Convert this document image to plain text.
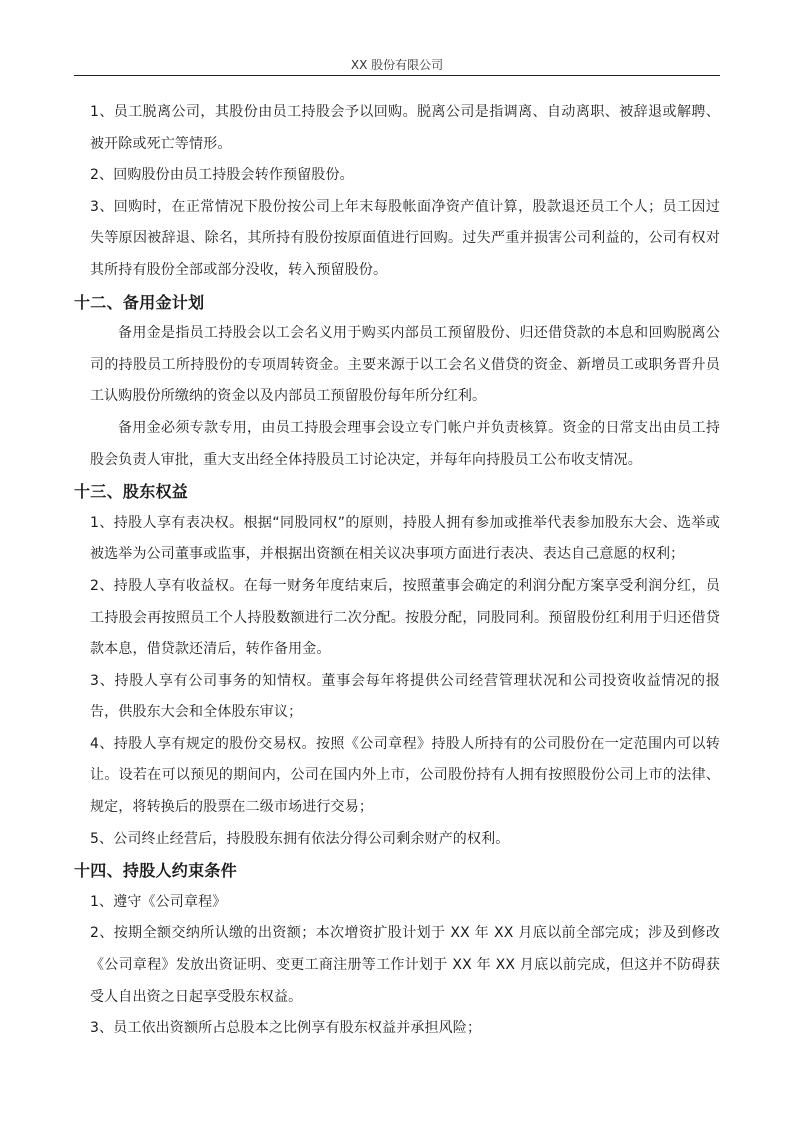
XX 股份有限公司

1、员工脱离公司，其股份由员工持股会予以回购。脱离公司是指调离、自动离职、被辞退或解聘、被开除或死亡等情形。

2、回购股份由员工持股会转作预留股份。

3、回购时，在正常情况下股份按公司上年末每股帐面净资产值计算，股款退还员工个人；员工因过失等原因被辞退、除名，其所持有股份按原面值进行回购。过失严重并损害公司利益的，公司有权对其所持有股份全部或部分没收，转入预留股份。

十二、备用金计划

备用金是指员工持股会以工会名义用于购买内部员工预留股份、归还借贷款的本息和回购脱离公司的持股员工所持股份的专项周转资金。主要来源于以工会名义借贷的资金、新增员工或职务晋升员工认购股份所缴纳的资金以及内部员工预留股份每年所分红利。

备用金必须专款专用，由员工持股会理事会设立专门帐户并负责核算。资金的日常支出由员工持股会负责人审批，重大支出经全体持股员工讨论决定，并每年向持股员工公布收支情况。

十三、股东权益

1、持股人享有表决权。根据“同股同权”的原则，持股人拥有参加或推举代表参加股东大会、选举或被选举为公司董事或监事，并根据出资额在相关议决事项方面进行表决、表达自己意愿的权利；

2、持股人享有收益权。在每一财务年度结束后，按照董事会确定的利润分配方案享受利润分红，员工持股会再按照员工个人持股数额进行二次分配。按股分配，同股同利。预留股份红利用于归还借贷款本息，借贷款还清后，转作备用金。

3、持股人享有公司事务的知情权。董事会每年将提供公司经营管理状况和公司投资收益情况的报告，供股东大会和全体股东审议；

4、持股人享有规定的股份交易权。按照《公司章程》持股人所持有的公司股份在一定范围内可以转让。设若在可以预见的期间内，公司在国内外上市，公司股份持有人拥有按照股份公司上市的法律、规定，将转换后的股票在二级市场进行交易；

5、公司终止经营后，持股股东拥有依法分得公司剩余财产的权利。

十四、持股人约束条件

1、遵守《公司章程》

2、按期全额交纳所认缴的出资额；本次增资扩股计划于 XX 年 XX 月底以前全部完成；涉及到修改《公司章程》发放出资证明、变更工商注册等工作计划于 XX 年 XX 月底以前完成，但这并不防碍获受人自出资之日起享受股东权益。

3、员工依出资额所占总股本之比例享有股东权益并承担风险；
